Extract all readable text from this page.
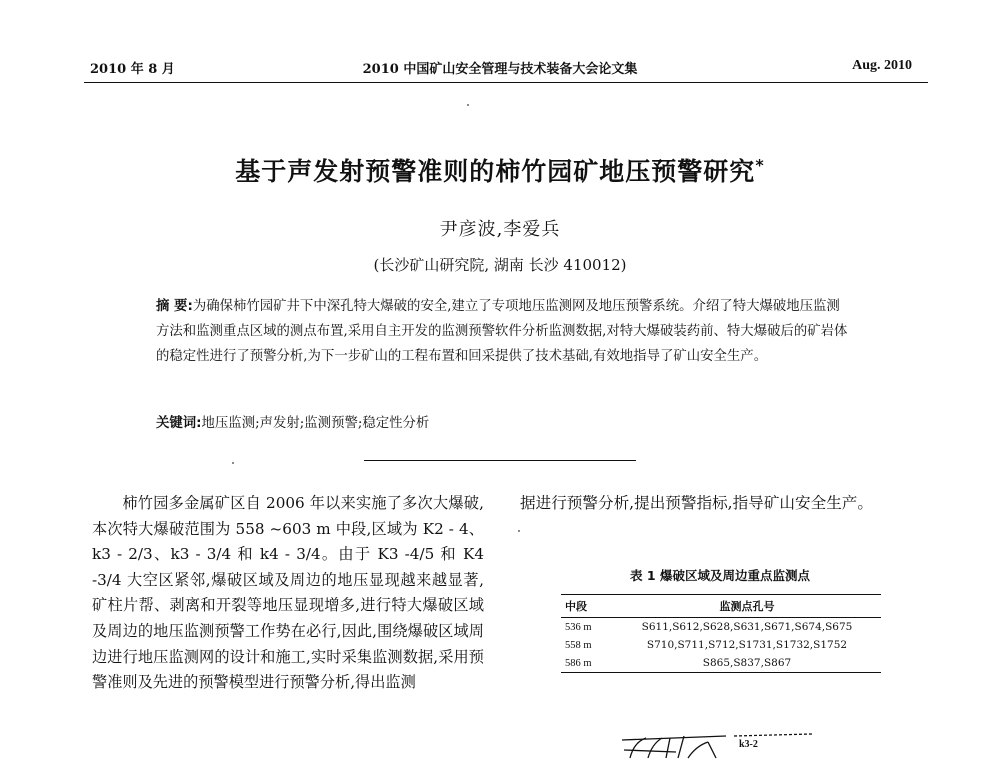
2010 年 8 月	2010 中国矿山安全管理与技术装备大会论文集	Aug. 2010
基于声发射预警准则的柿竹园矿地压预警研究*
尹彦波,李爱兵
(长沙矿山研究院, 湖南 长沙 410012)
摘 要:为确保柿竹园矿井下中深孔特大爆破的安全,建立了专项地压监测网及地压预警系统。介绍了特大爆破地压监测方法和监测重点区域的测点布置,采用自主开发的监测预警软件分析监测数据,对特大爆破装药前、特大爆破后的矿岩体的稳定性进行了预警分析,为下一步矿山的工程布置和回采提供了技术基础,有效地指导了矿山安全生产。
关键词:地压监测;声发射;监测预警;稳定性分析

柿竹园多金属矿区自 2006 年以来实施了多次大爆破,本次特大爆破范围为 558 ~603 m 中段,区域为 K2 - 4、k3 - 2/3、k3 - 3/4 和 k4 - 3/4。由于 K3 -4/5 和 K4 -3/4 大空区紧邻,爆破区域及周边的地压显现越来越显著,矿柱片帮、剥离和开裂等地压显现增多,进行特大爆破区域及周边的地压监测预警工作势在必行,因此,围绕爆破区域周边进行地压监测网的设计和施工,实时采集监测数据,采用预警准则及先进的预警模型进行预警分析,得出监测

据进行预警分析,提出预警指标,指导矿山安全生产。

表 1 爆破区域及周边重点监测点
中段	监测点孔号
536 m	S611,S612,S628,S631,S671,S674,S675
558 m	S710,S711,S712,S1731,S1732,S1752
586 m	S865,S837,S867
k3-2
